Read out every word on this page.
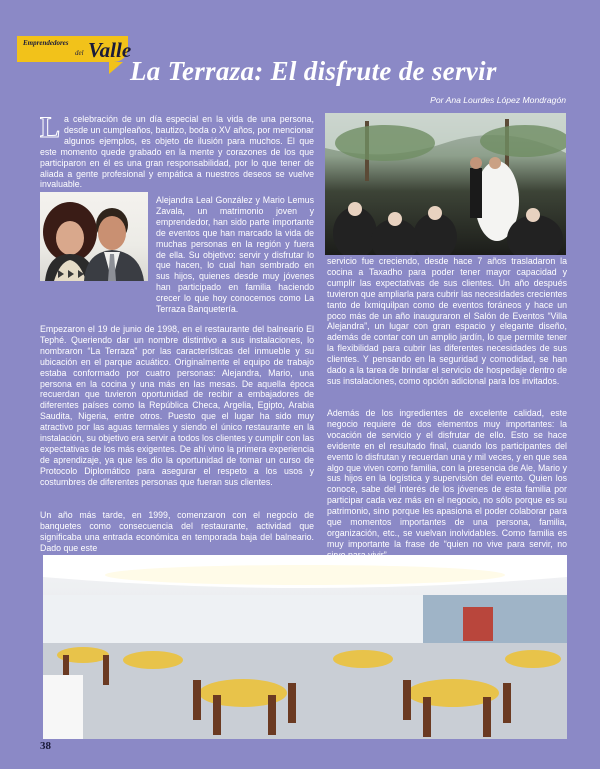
Emprendedores
del Valle
La Terraza: El disfrute de servir
Por Ana Lourdes López Mondragón

La celebración de un día especial en la vida de una persona, desde un cumpleaños, bautizo, boda o XV años, por mencionar algunos ejemplos, es objeto de ilusión para muchos. El que este momento quede grabado en la mente y corazones de los que participaron en él es una gran responsabilidad, por lo que tener de aliada a gente profesional y empática a nuestros deseos se vuelve invaluable.

Alejandra Leal González y Mario Lemus Zavala, un matrimonio joven y emprendedor, han sido parte importante de eventos que han marcado la vida de muchas personas en la región y fuera de ella. Su objetivo: servir y disfrutar lo que hacen, lo cual han sembrado en sus hijos, quienes desde muy jóvenes han participado en familia haciendo crecer lo que hoy conocemos como La Terraza Banquetería.

Empezaron el 19 de junio de 1998, en el restaurante del balneario El Tephé. Queriendo dar un nombre distintivo a sus instalaciones, lo nombraron “La Terraza” por las características del inmueble y su ubicación en el parque acuático. Originalmente el equipo de trabajo estaba conformado por cuatro personas: Alejandra, Mario, una persona en la cocina y una más en las mesas. De aquella época recuerdan que tuvieron oportunidad de recibir a embajadores de diferentes países como la República Checa, Argelia, Egipto, Arabia Saudita, Nigeria, entre otros. Puesto que el lugar ha sido muy atractivo por las aguas termales y siendo el único restaurante en la instalación, su objetivo era servir a todos los clientes y cumplir con las expectativas de los más exigentes. De ahí vino la primera experiencia de aprendizaje, ya que les dio la oportunidad de tomar un curso de Protocolo Diplomático para asegurar el respeto a los usos y costumbres de diferentes personas que fueran sus clientes.

Un año más tarde, en 1999, comenzaron con el negocio de banquetes como consecuencia del restaurante, actividad que significaba una entrada económica en temporada baja del balneario. Dado que este

servicio fue creciendo, desde hace 7 años trasladaron la cocina a Taxadho para poder tener mayor capacidad y cumplir las expectativas de sus clientes. Un año después tuvieron que ampliarla para cubrir las necesidades crecientes tanto de Ixmiquilpan como de eventos foráneos y hace un poco más de un año inauguraron el Salón de Eventos “Villa Alejandra”, un lugar con gran espacio y elegante diseño, además de contar con un amplio jardín, lo que permite tener la flexibilidad para cubrir las diferentes necesidades de sus clientes. Y pensando en la seguridad y comodidad, se han dado a la tarea de brindar el servicio de hospedaje dentro de sus instalaciones, como opción adicional para los invitados.

Además de los ingredientes de excelente calidad, este negocio requiere de dos elementos muy importantes: la vocación de servicio y el disfrutar de ello. Esto se hace evidente en el resultado final, cuando los participantes del evento lo disfrutan y recuerdan una y mil veces, y en que sea algo que viven como familia, con la presencia de Ale, Mario y sus hijos en la logística y supervisión del evento. Quien los conoce, sabe del interés de los jóvenes de esta familia por participar cada vez más en el negocio, no sólo porque es su patrimonio, sino porque les apasiona el poder colaborar para que momentos importantes de una persona, familia, organización, etc., se vuelvan inolvidables. Como familia es muy importante la frase de “quien no vive para servir, no

38
